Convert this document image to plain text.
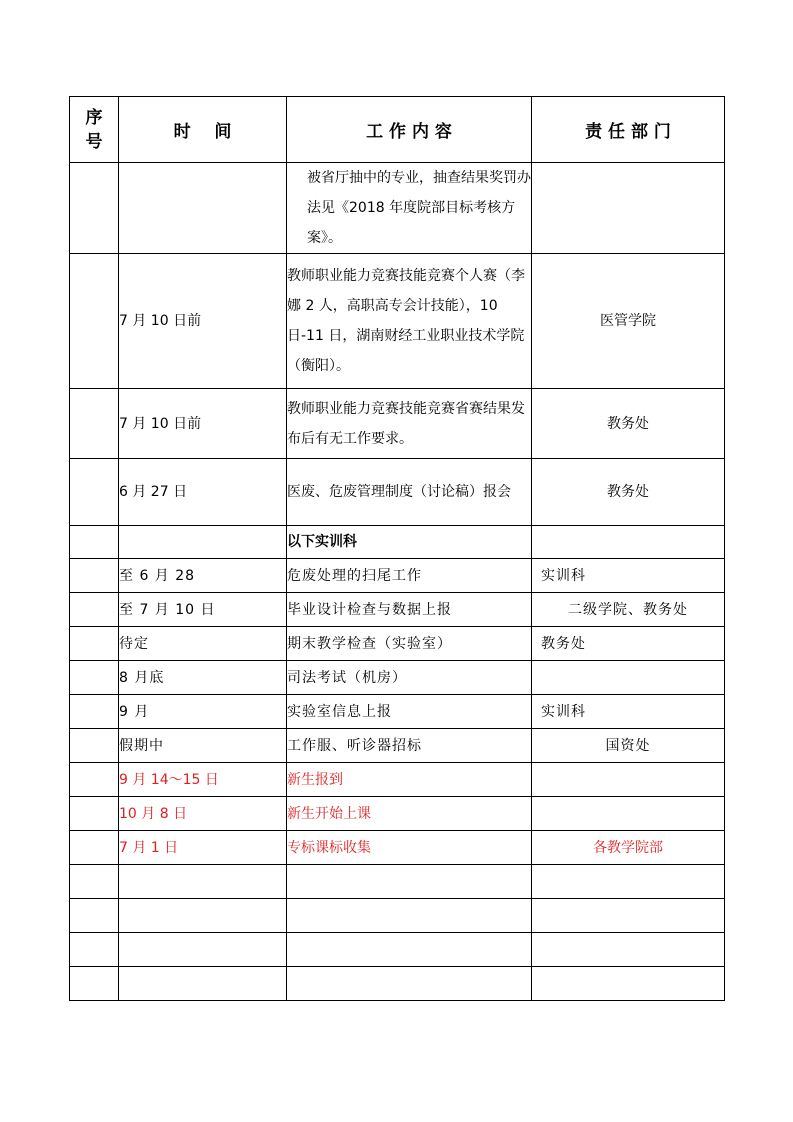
序
号	时    间	工 作 内 容	责 任 部 门
		被省厅抽中的专业，抽查结果奖罚办法见《2018 年度院部目标考核方案》。	
	7 月 10 日前	教师职业能力竞赛技能竞赛个人赛（李娜 2 人，高职高专会计技能），10 日-11 日，湖南财经工业职业技术学院（衡阳）。	医管学院
	7 月 10 日前	教师职业能力竞赛技能竞赛省赛结果发布后有无工作要求。	教务处
	6 月 27 日	医废、危废管理制度（讨论稿）报会	教务处
		以下实训科	
	至 6 月 28	危废处理的扫尾工作	实训科
	至 7 月 10 日	毕业设计检查与数据上报	二级学院、教务处
	待定	期末教学检查（实验室）	教务处
	8 月底	司法考试（机房）	
	9 月	实验室信息上报	实训科
	假期中	工作服、听诊器招标	国资处
	9 月 14～15 日	新生报到	
	10 月 8 日	新生开始上课	
	7 月 1 日	专标课标收集	各教学院部
